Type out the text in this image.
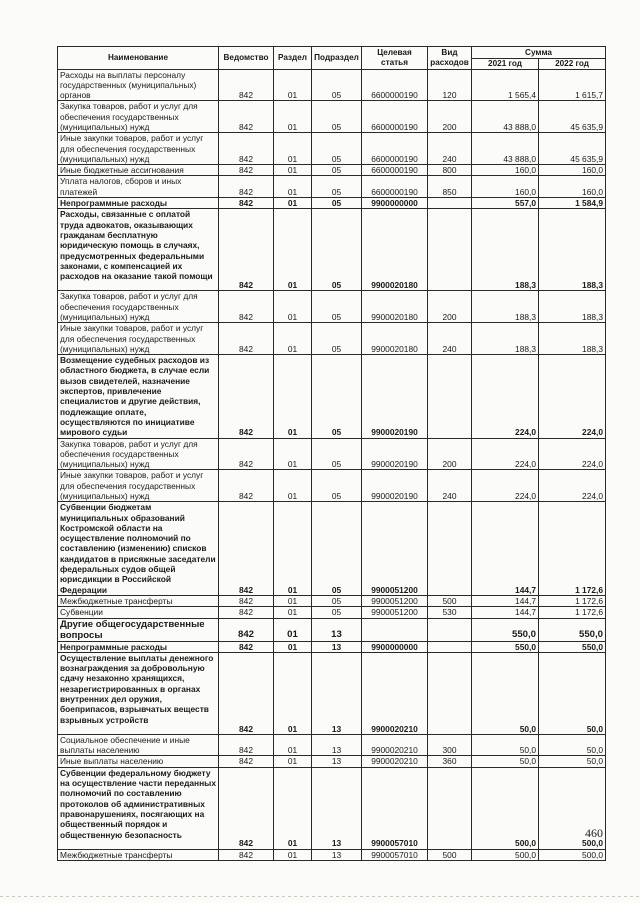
Наименование	Ведомство	Раздел	Подраздел	Целевая статья	Вид расходов	Сумма	
						2021 год	2022 год
Расходы на выплаты персоналу государственных (муниципальных) органов	842	01	05	6600000190	120	1 565,4	1 615,7
Закупка товаров, работ и услуг для обеспечения государственных (муниципальных) нужд	842	01	05	6600000190	200	43 888,0	45 635,9
Иные закупки товаров, работ и услуг для обеспечения государственных (муниципальных) нужд	842	01	05	6600000190	240	43 888,0	45 635,9
Иные бюджетные ассигнования	842	01	05	6600000190	800	160,0	160,0
Уплата налогов, сборов и иных платежей	842	01	05	6600000190	850	160,0	160,0
Непрограммные расходы	842	01	05	9900000000		557,0	1 584,9
Расходы, связанные с оплатой труда адвокатов, оказывающих гражданам бесплатную юридическую помощь в случаях, предусмотренных федеральными законами, с компенсацией их расходов на оказание такой помощи	842	01	05	9900020180		188,3	188,3
Закупка товаров, работ и услуг для обеспечения государственных (муниципальных) нужд	842	01	05	9900020180	200	188,3	188,3
Иные закупки товаров, работ и услуг для обеспечения государственных (муниципальных) нужд	842	01	05	9900020180	240	188,3	188,3
Возмещение судебных расходов из областного бюджета, в случае если вызов свидетелей, назначение экспертов, привлечение специалистов и другие действия, подлежащие оплате, осуществляются по инициативе мирового судьи	842	01	05	9900020190		224,0	224,0
Закупка товаров, работ и услуг для обеспечения государственных (муниципальных) нужд	842	01	05	9900020190	200	224,0	224,0
Иные закупки товаров, работ и услуг для обеспечения государственных (муниципальных) нужд	842	01	05	9900020190	240	224,0	224,0
Субвенции бюджетам муниципальных образований Костромской области на осуществление полномочий по составлению (изменению) списков кандидатов в присяжные заседатели федеральных судов общей юрисдикции в Российской Федерации	842	01	05	9900051200		144,7	1 172,6
Межбюджетные трансферты	842	01	05	9900051200	500	144,7	1 172,6
Субвенции	842	01	05	9900051200	530	144,7	1 172,6
Другие общегосударственные вопросы	842	01	13			550,0	550,0
Непрограммные расходы	842	01	13	9900000000		550,0	550,0
Осуществление выплаты денежного вознаграждения за добровольную сдачу незаконно хранящихся, незарегистрированных в органах внутренних дел оружия, боеприпасов, взрывчатых веществ взрывных устройств	842	01	13	9900020210		50,0	50,0
Социальное обеспечение и иные выплаты населению	842	01	13	9900020210	300	50,0	50,0
Иные выплаты населению	842	01	13	9900020210	360	50,0	50,0
Субвенции федеральному бюджету на осуществление части переданных полномочий по составлению протоколов об административных правонарушениях, посягающих на общественный порядок и общественную безопасность	842	01	13	9900057010		500,0	500,0
Межбюджетные трансферты	842	01	13	9900057010	500	500,0	500,0
460
